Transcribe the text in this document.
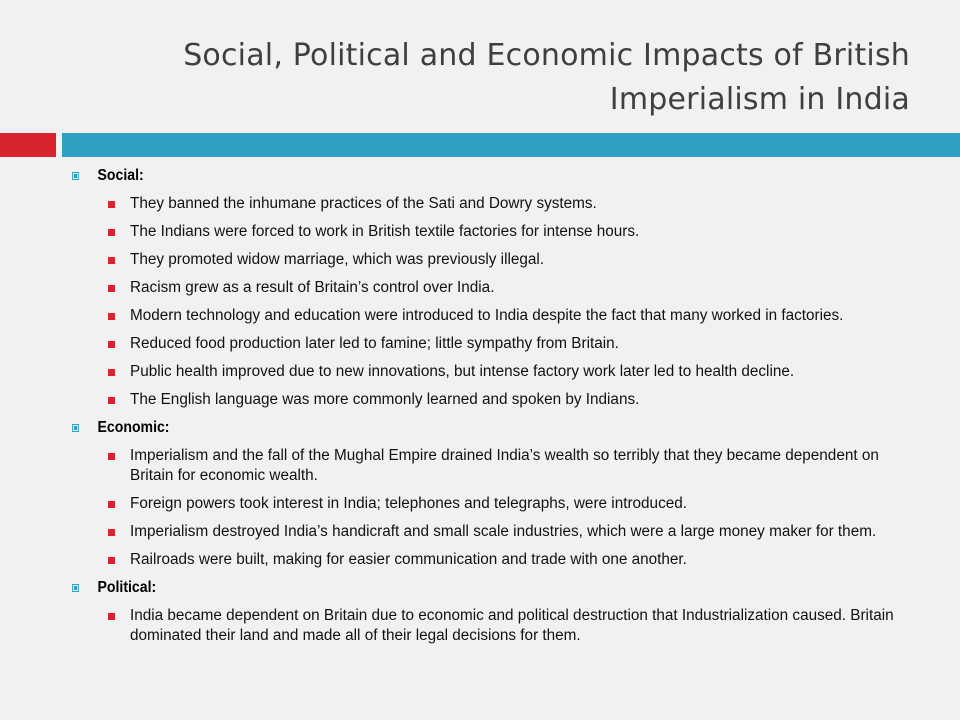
Social, Political and Economic Impacts of British
Imperialism in India
Social:
They banned the inhumane practices of the Sati and Dowry systems.
The Indians were forced to work in British textile factories for intense hours.
They promoted widow marriage, which was previously illegal.
Racism grew as a result of Britain’s control over India.
Modern technology and education were introduced to India despite the fact that many worked in factories.
Reduced food production later led to famine; little sympathy from Britain.
Public health improved due to new innovations, but intense factory work later led to health decline.
The English language was more commonly learned and spoken by Indians.
Economic:
Imperialism and the fall of the Mughal Empire drained India’s wealth so terribly that they became dependent on Britain for economic wealth.
Foreign powers took interest in India; telephones and telegraphs, were introduced.
Imperialism destroyed India’s handicraft and small scale industries, which were a large money maker for them.
Railroads were built, making for easier communication and trade with one another.
Political:
India became dependent on Britain due to economic and political destruction that Industrialization caused. Britain dominated their land and made all of their legal decisions for them.
